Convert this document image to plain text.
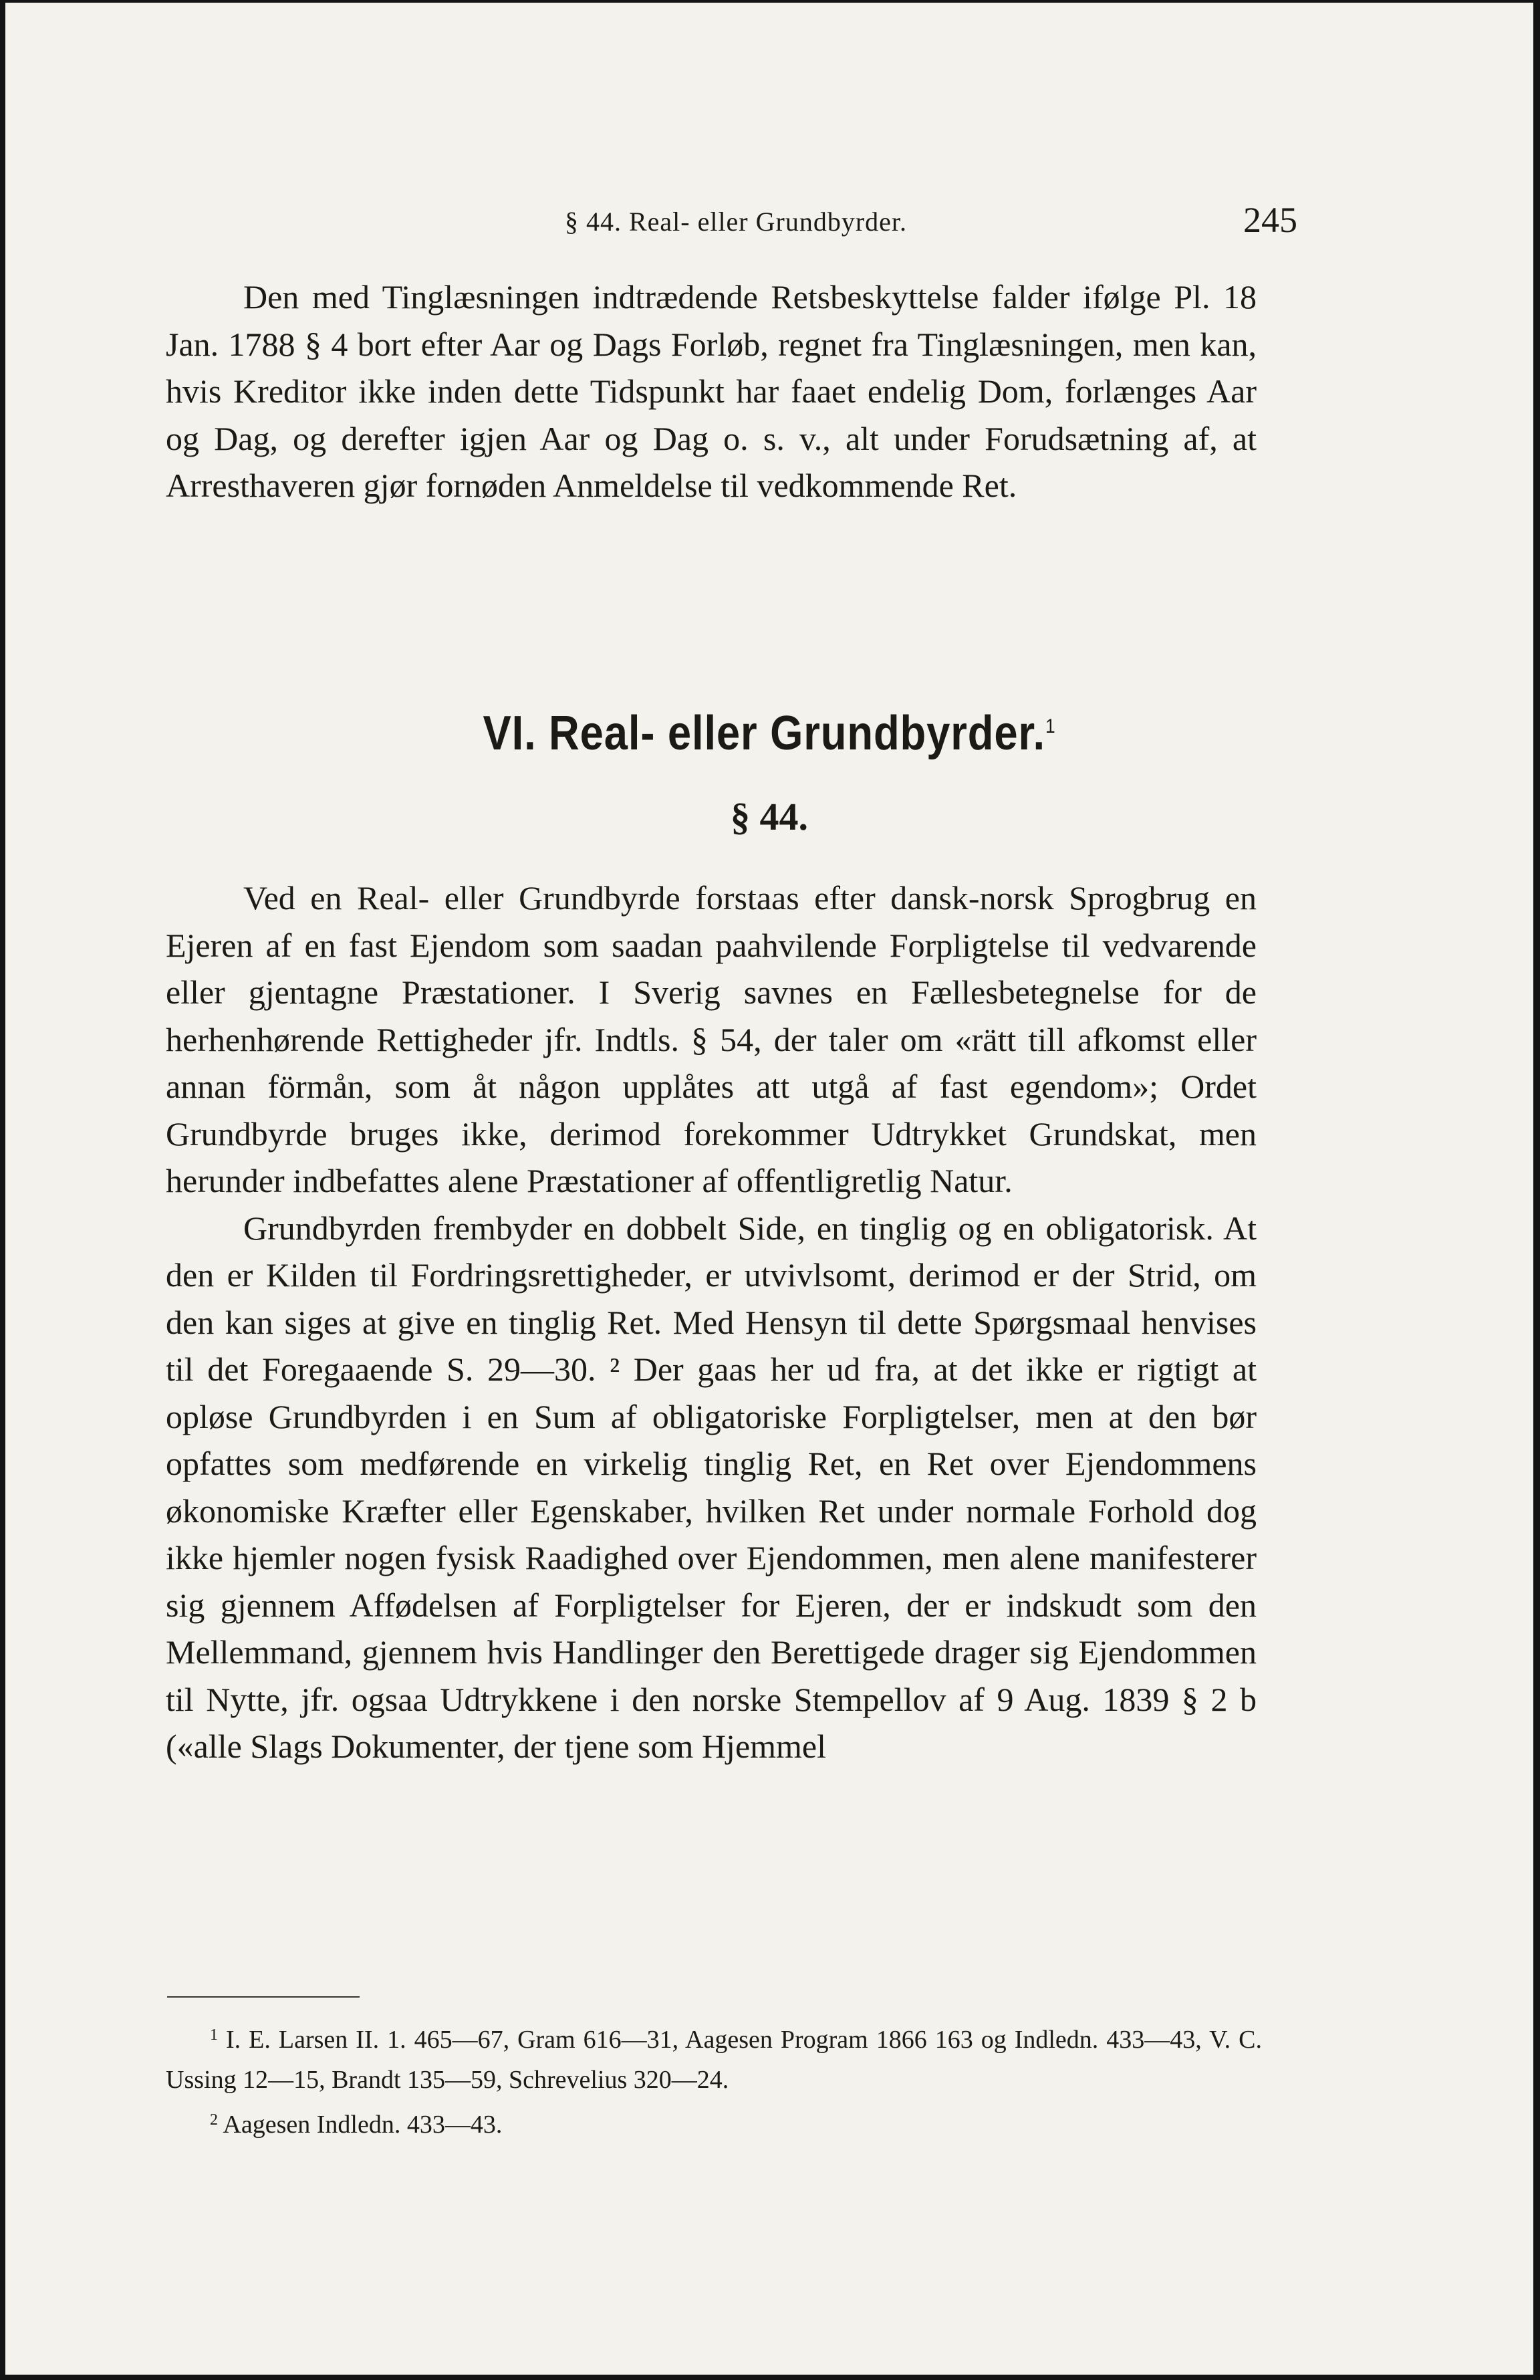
§ 44. Real- eller Grundbyrder.	245

Den med Tinglæsningen indtrædende Retsbeskyttelse falder ifølge Pl. 18 Jan. 1788 § 4 bort efter Aar og Dags Forløb, regnet fra Tinglæsningen, men kan, hvis Kreditor ikke inden dette Tidspunkt har faaet endelig Dom, forlænges Aar og Dag, og derefter igjen Aar og Dag o. s. v., alt under Forudsætning af, at Arresthaveren gjør fornøden Anmeldelse til vedkommende Ret.

VI. Real- eller Grundbyrder.$^1$
§ 44.

Ved en Real- eller Grundbyrde forstaas efter dansk-norsk Sprogbrug en Ejeren af en fast Ejendom som saadan paahvilende Forpligtelse til vedvarende eller gjentagne Præstationer. I Sverig savnes en Fællesbetegnelse for de herhenhørende Rettigheder jfr. Indtls. § 54, der taler om «rätt till afkomst eller annan förmån, som åt någon upplåtes att utgå af fast egendom»; Ordet Grundbyrde bruges ikke, derimod forekommer Udtrykket Grundskat, men herunder indbefattes alene Præstationer af offentligretlig Natur.

Grundbyrden frembyder en dobbelt Side, en tinglig og en obligatorisk. At den er Kilden til Fordringsrettigheder, er utvivlsomt, derimod er der Strid, om den kan siges at give en tinglig Ret. Med Hensyn til dette Spørgsmaal henvises til det Foregaaende S. 29—30. ² Der gaas her ud fra, at det ikke er rigtigt at opløse Grundbyrden i en Sum af obligatoriske Forpligtelser, men at den bør opfattes som medførende en virkelig tinglig Ret, en Ret over Ejendommens økonomiske Kræfter eller Egenskaber, hvilken Ret under normale Forhold dog ikke hjemler nogen fysisk Raadighed over Ejendommen, men alene manifesterer sig gjennem Affødelsen af Forpligtelser for Ejeren, der er indskudt som den Mellemmand, gjennem hvis Handlinger den Berettigede drager sig Ejendommen til Nytte, jfr. ogsaa Udtrykkene i den norske Stempellov af 9 Aug. 1839 § 2 b («alle Slags Dokumenter, der tjene som Hjemmel

$^1$ I. E. Larsen II. 1. 465—67, Gram 616—31, Aagesen Program 1866 163 og Indledn. 433—43, V. C. Ussing 12—15, Brandt 135—59, Schrevelius 320—24.

$^2$ Aagesen Indledn. 433—43.
